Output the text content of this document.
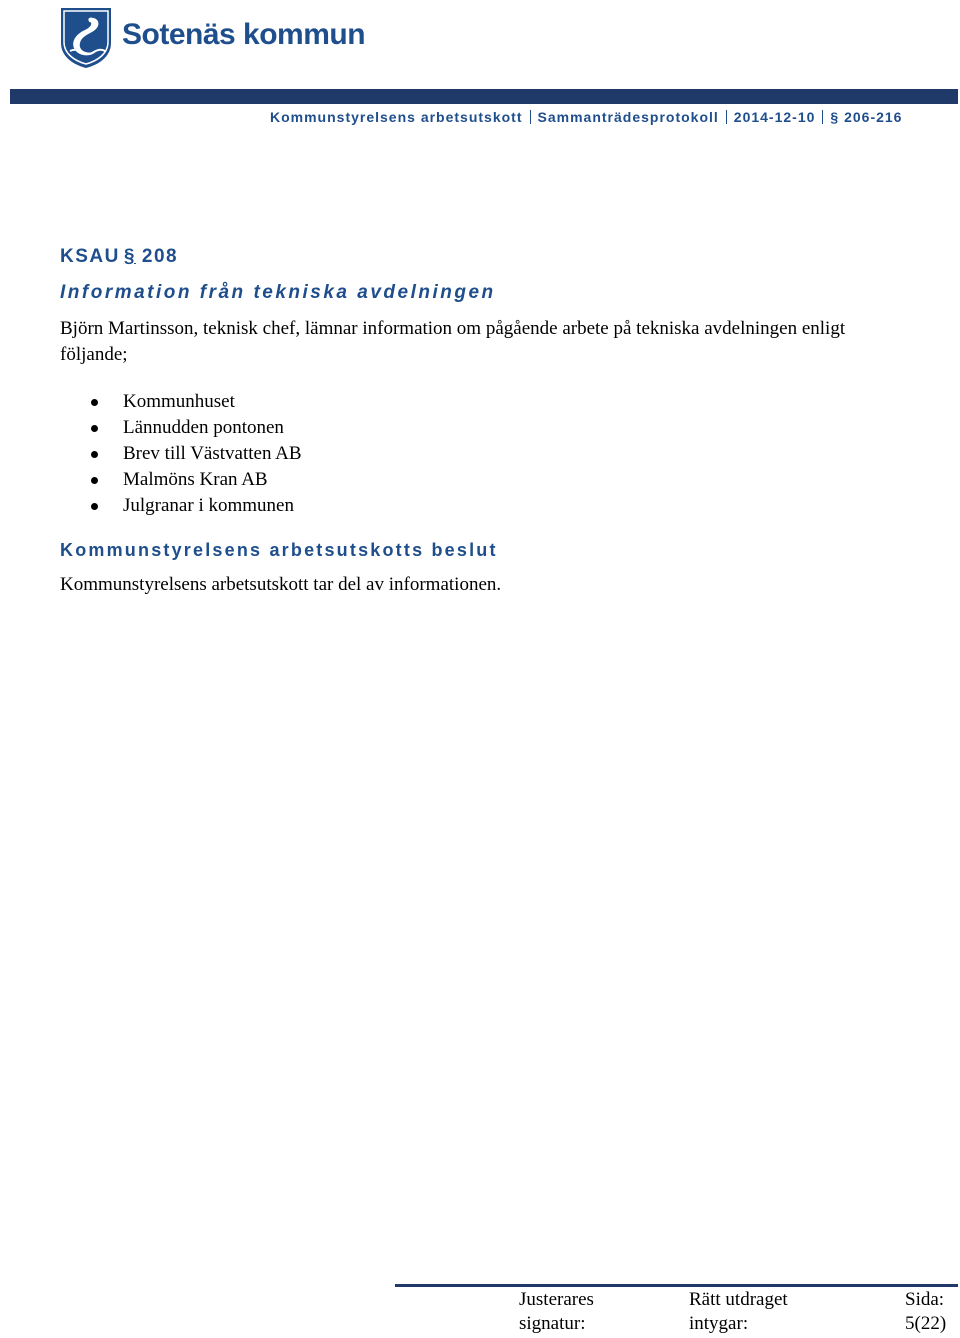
Sotenäs kommun
Kommunstyrelsens arbetsutskott Sammanträdesprotokoll 2014-12-10 § 206-216
KSAU § 208
Information från tekniska avdelningen
Björn Martinsson, teknisk chef, lämnar information om pågående arbete på tekniska avdelningen enligt följande;
Kommunhuset
Lännudden pontonen
Brev till Västvatten AB
Malmöns Kran AB
Julgranar i kommunen
Kommunstyrelsens arbetsutskotts beslut
Kommunstyrelsens arbetsutskott tar del av informationen.
Justerares
signatur:
Rätt utdraget
intygar:
Sida:
5(22)
